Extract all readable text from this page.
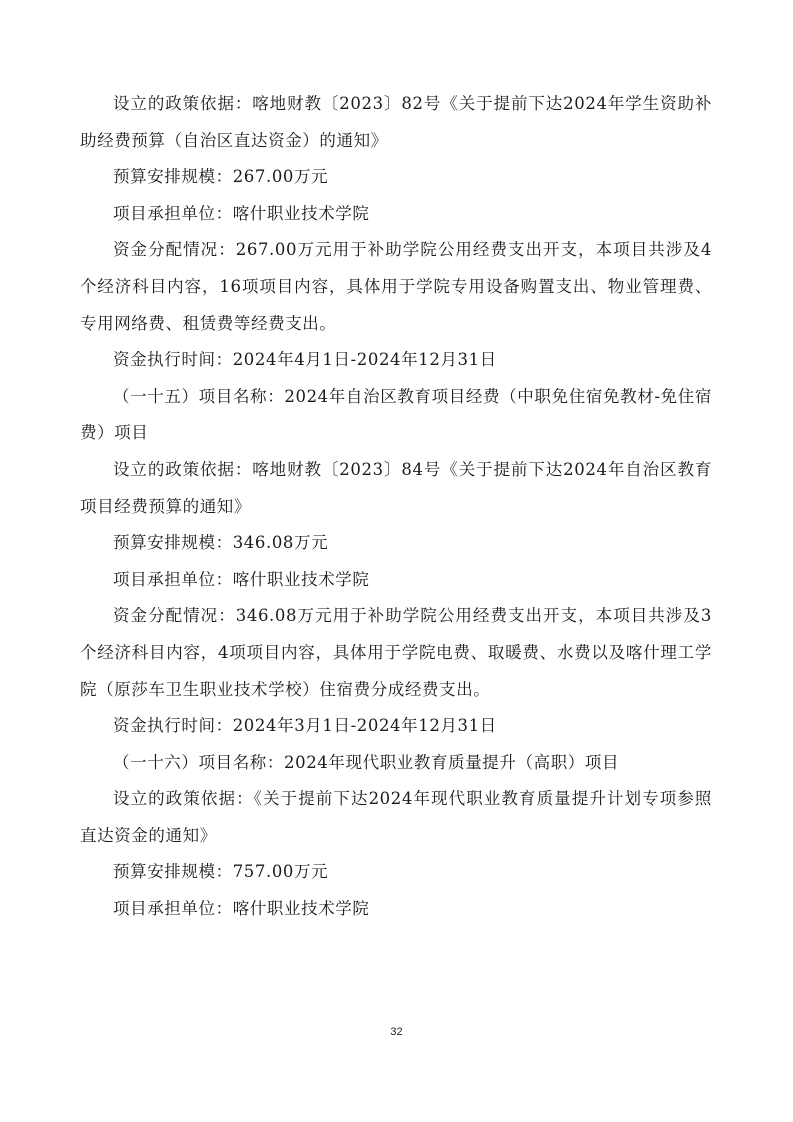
设立的政策依据：喀地财教〔2023〕82号《关于提前下达2024年学生资助补助经费预算（自治区直达资金）的通知》

预算安排规模：267.00万元

项目承担单位：喀什职业技术学院

资金分配情况：267.00万元用于补助学院公用经费支出开支，本项目共涉及4个经济科目内容，16项项目内容，具体用于学院专用设备购置支出、物业管理费、专用网络费、租赁费等经费支出。

资金执行时间：2024年4月1日-2024年12月31日

（一十五）项目名称：2024年自治区教育项目经费（中职免住宿免教材-免住宿费）项目

设立的政策依据：喀地财教〔2023〕84号《关于提前下达2024年自治区教育项目经费预算的通知》

预算安排规模：346.08万元

项目承担单位：喀什职业技术学院

资金分配情况：346.08万元用于补助学院公用经费支出开支，本项目共涉及3个经济科目内容，4项项目内容，具体用于学院电费、取暖费、水费以及喀什理工学院（原莎车卫生职业技术学校）住宿费分成经费支出。

资金执行时间：2024年3月1日-2024年12月31日

（一十六）项目名称：2024年现代职业教育质量提升（高职）项目

设立的政策依据：《关于提前下达2024年现代职业教育质量提升计划专项参照直达资金的通知》

预算安排规模：757.00万元

项目承担单位：喀什职业技术学院

32
